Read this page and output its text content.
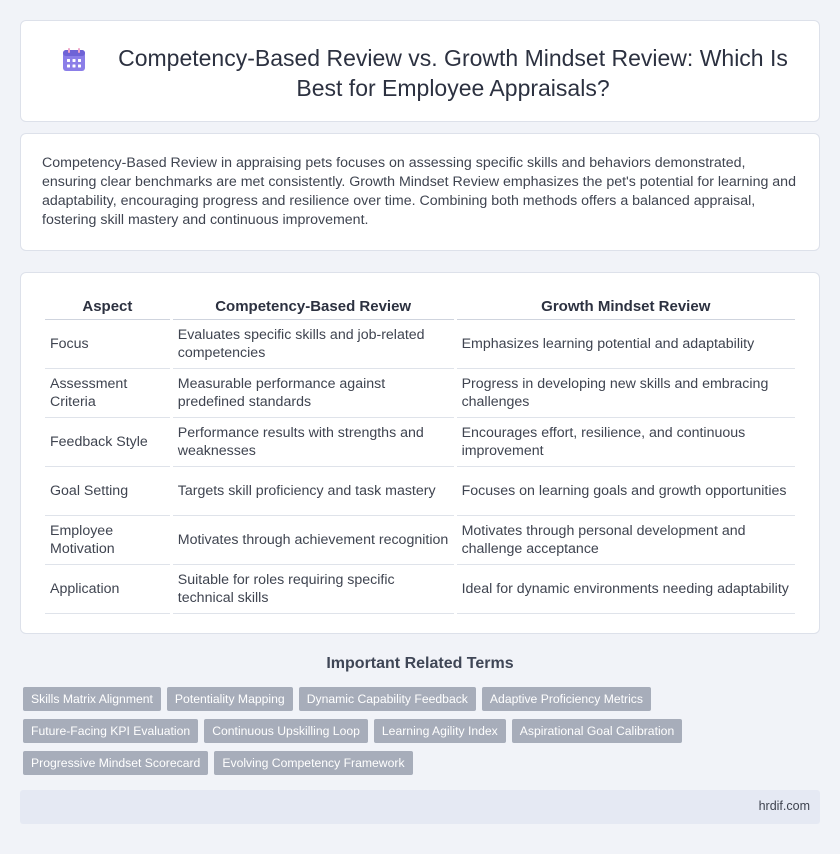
Competency-Based Review vs. Growth Mindset Review: Which Is Best for Employee Appraisals?

Competency-Based Review in appraising pets focuses on assessing specific skills and behaviors demonstrated, ensuring clear benchmarks are met consistently. Growth Mindset Review emphasizes the pet's potential for learning and adaptability, encouraging progress and resilience over time. Combining both methods offers a balanced appraisal, fostering skill mastery and continuous improvement.

Aspect	Competency-Based Review	Growth Mindset Review
Focus	Evaluates specific skills and job-related competencies	Emphasizes learning potential and adaptability
Assessment Criteria	Measurable performance against predefined standards	Progress in developing new skills and embracing challenges
Feedback Style	Performance results with strengths and weaknesses	Encourages effort, resilience, and continuous improvement
Goal Setting	Targets skill proficiency and task mastery	Focuses on learning goals and growth opportunities
Employee Motivation	Motivates through achievement recognition	Motivates through personal development and challenge acceptance
Application	Suitable for roles requiring specific technical skills	Ideal for dynamic environments needing adaptability
Important Related Terms
Skills Matrix Alignment	Potentiality Mapping	Dynamic Capability Feedback	Adaptive Proficiency Metrics
Future-Facing KPI Evaluation	Continuous Upskilling Loop	Learning Agility Index	Aspirational Goal Calibration
Progressive Mindset Scorecard	Evolving Competency Framework
hrdif.com
